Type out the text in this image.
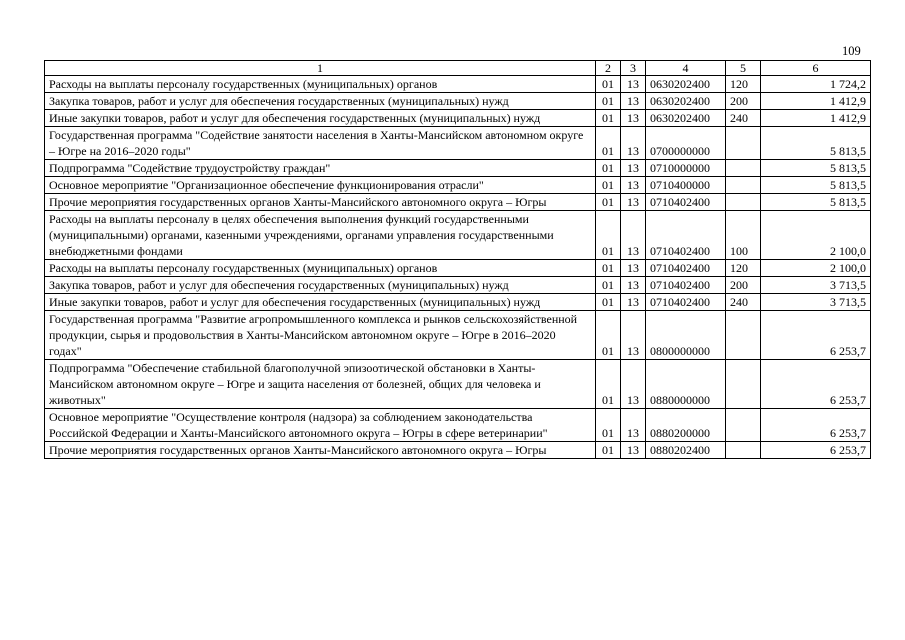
109
1	2	3	4	5	6
Расходы на выплаты персоналу государственных (муниципальных) органов	01	13	0630202400	120	1 724,2
Закупка товаров, работ и услуг для обеспечения государственных (муниципальных) нужд	01	13	0630202400	200	1 412,9
Иные закупки товаров, работ и услуг для обеспечения государственных (муниципальных) нужд	01	13	0630202400	240	1 412,9
Государственная программа "Содействие занятости населения в Ханты-Мансийском автономном округе – Югре на 2016–2020 годы"	01	13	0700000000		5 813,5
Подпрограмма "Содействие трудоустройству граждан"	01	13	0710000000		5 813,5
Основное мероприятие "Организационное обеспечение функционирования отрасли"	01	13	0710400000		5 813,5
Прочие мероприятия государственных органов Ханты-Мансийского автономного округа – Югры	01	13	0710402400		5 813,5
Расходы на выплаты персоналу в целях обеспечения выполнения функций государственными (муниципальными) органами, казенными учреждениями, органами управления государственными внебюджетными фондами	01	13	0710402400	100	2 100,0
Расходы на выплаты персоналу государственных (муниципальных) органов	01	13	0710402400	120	2 100,0
Закупка товаров, работ и услуг для обеспечения государственных (муниципальных) нужд	01	13	0710402400	200	3 713,5
Иные закупки товаров, работ и услуг для обеспечения государственных (муниципальных) нужд	01	13	0710402400	240	3 713,5
Государственная программа "Развитие агропромышленного комплекса и рынков сельскохозяйственной продукции, сырья и продовольствия в Ханты-Мансийском автономном округе – Югре в 2016–2020 годах"	01	13	0800000000		6 253,7
Подпрограмма "Обеспечение стабильной благополучной эпизоотической обстановки в Ханты-Мансийском автономном округе – Югре и защита населения от болезней, общих для человека и животных"	01	13	0880000000		6 253,7
Основное мероприятие "Осуществление контроля (надзора) за соблюдением законодательства Российской Федерации и Ханты-Мансийского автономного округа – Югры в сфере ветеринарии"	01	13	0880200000		6 253,7
Прочие мероприятия государственных органов Ханты-Мансийского автономного округа – Югры	01	13	0880202400		6 253,7
